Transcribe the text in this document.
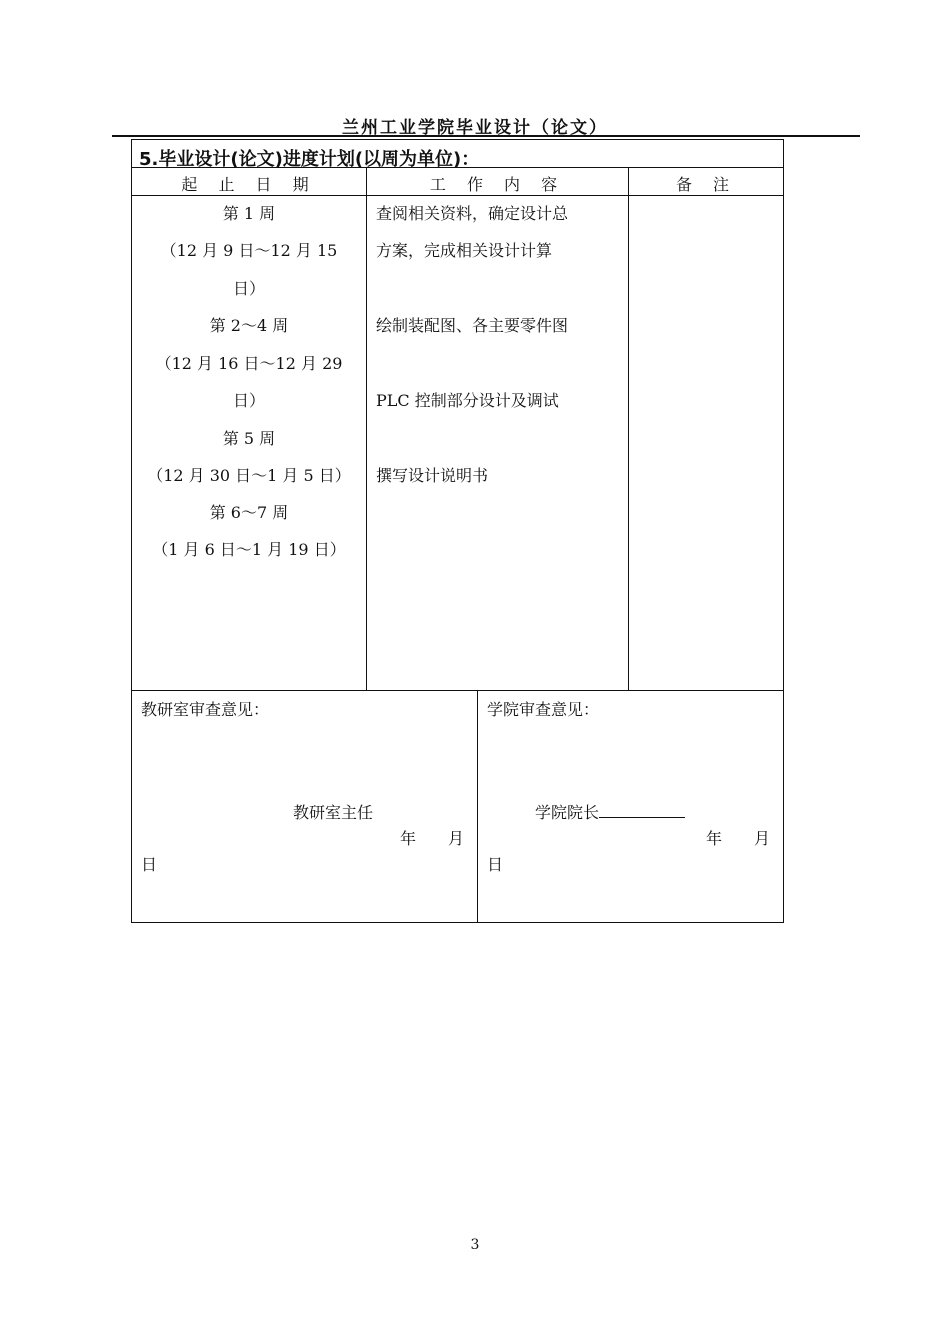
兰州工业学院毕业设计（论文）
5.毕业设计(论文)进度计划(以周为单位)：
起 止 日 期	工 作 内 容	备 注
第 1 周
（12 月 9 日～12 月 15
日）
第 2～4 周
（12 月 16 日～12 月 29
日）
第 5 周
（12 月 30 日～1 月 5 日）
第 6～7 周
（1 月 6 日～1 月 19 日）
查阅相关资料，确定设计总
方案，完成相关设计计算
绘制装配图、各主要零件图
PLC 控制部分设计及调试
撰写设计说明书
教研室审查意见：
教研室主任
年　　月
日
学院审查意见：
学院院长
年　　月
日
3
